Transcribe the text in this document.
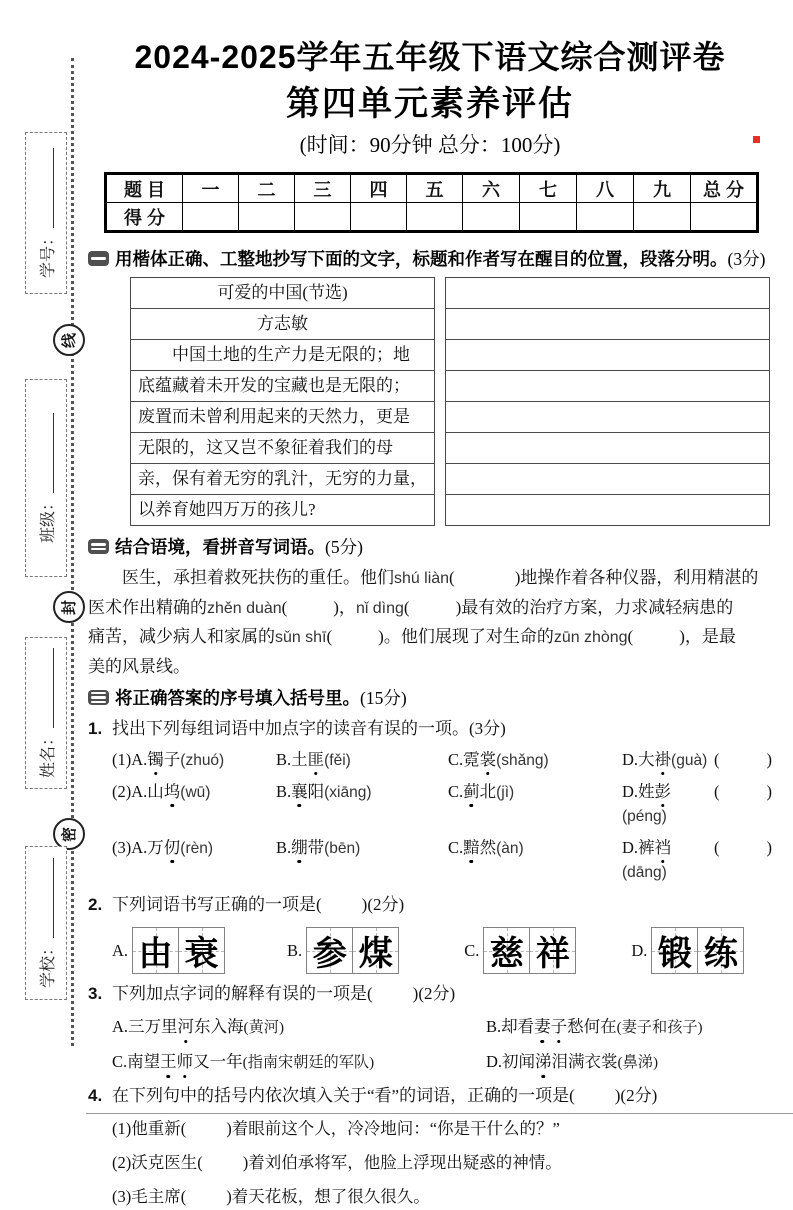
学号：
线
班级：
封
姓名：
密
学校：
2024-2025学年五年级下语文综合测评卷
第四单元素养评估
(时间：90分钟 总分：100分)
题 目	一	二	三	四	五	六	七	八	九	总 分
得 分										
用楷体正确、工整地抄写下面的文字，标题和作者写在醒目的位置，段落分明。(3分)
可爱的中国(节选)
方志敏
中国土地的生产力是无限的；地
底蕴藏着未开发的宝藏也是无限的；
废置而未曾利用起来的天然力，更是
无限的，这又岂不象征着我们的母
亲，保有着无穷的乳汁，无穷的力量，
以养育她四万万的孩儿?
结合语境，看拼音写词语。(5分)
医生，承担着救死扶伤的重任。他们shú liàn(	)地操作着各种仪器，利用精湛的
医术作出精确的zhěn duàn(	)，nǐ dìng(	)最有效的治疗方案，力求减轻病患的
痛苦，减少病人和家属的sǔn shī(	)。他们展现了对生命的zūn zhòng(	)，是最
美的风景线。
将正确答案的序号填入括号里。(15分)
1. 找出下列每组词语中加点字的读音有误的一项。(3分)
(1)A.镯子(zhuó)	B.土匪(fěi)	C.霓裳(shǎng)	D.大褂(guà) (	)
(2)A.山坞(wū)	B.襄阳(xiāng)	C.蓟北(jì)	D.姓彭(péng)
(	)
(3)A.万仞(rèn)	B.绷带(bēn)	C.黯然(àn)	D.裤裆(dāng)
(	)
2. 下列词语书写正确的一项是( )(2分)
A. 由 衰	B. 参 煤	C. 慈 祥	D. 锻 练
3. 下列加点字词的解释有误的一项是( )(2分)
A.三万里河东入海(黄河)	B.却看妻子愁何在(妻子和孩子)
C.南望王师又一年(指南宋朝廷的军队)	D.初闻涕泪满衣裳(鼻涕)
4. 在下列句中的括号内依次填入关于“看”的词语，正确的一项是( )(2分)
(1)他重新( )着眼前这个人，冷冷地问：“你是干什么的？”
(2)沃克医生( )着刘伯承将军，他脸上浮现出疑惑的神情。
(3)毛主席( )着天花板，想了很久很久。
